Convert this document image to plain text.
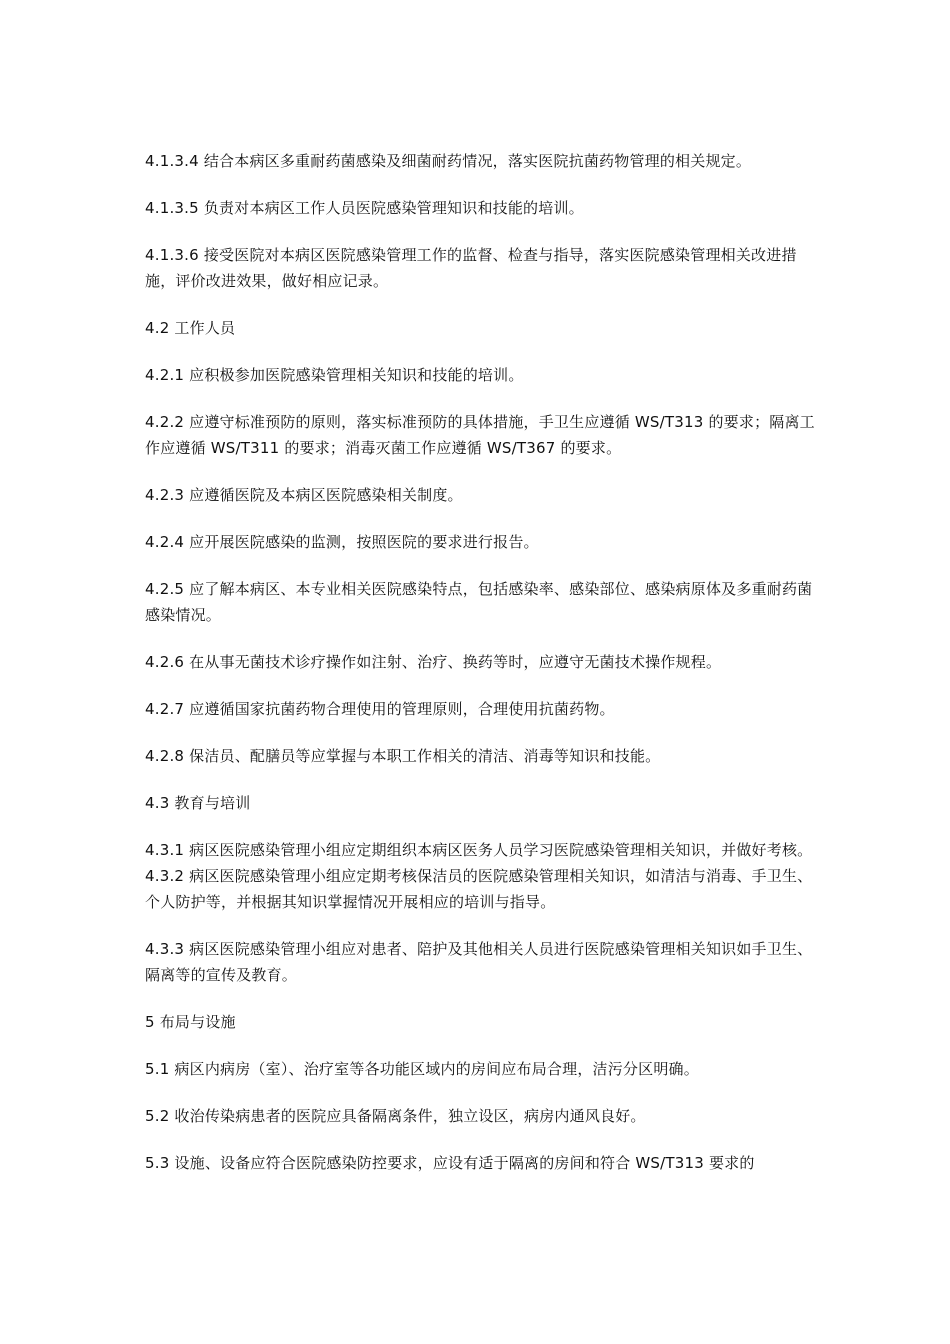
4.1.3.4 结合本病区多重耐药菌感染及细菌耐药情况，落实医院抗菌药物管理的相关规定。

4.1.3.5 负责对本病区工作人员医院感染管理知识和技能的培训。

4.1.3.6 接受医院对本病区医院感染管理工作的监督、检查与指导，落实医院感染管理相关改进措施，评价改进效果，做好相应记录。

4.2 工作人员

4.2.1 应积极参加医院感染管理相关知识和技能的培训。

4.2.2 应遵守标准预防的原则，落实标准预防的具体措施，手卫生应遵循 WS/T313 的要求；隔离工作应遵循 WS/T311 的要求；消毒灭菌工作应遵循 WS/T367 的要求。

4.2.3 应遵循医院及本病区医院感染相关制度。

4.2.4 应开展医院感染的监测，按照医院的要求进行报告。

4.2.5 应了解本病区、本专业相关医院感染特点，包括感染率、感染部位、感染病原体及多重耐药菌感染情况。

4.2.6 在从事无菌技术诊疗操作如注射、治疗、换药等时，应遵守无菌技术操作规程。

4.2.7 应遵循国家抗菌药物合理使用的管理原则，合理使用抗菌药物。

4.2.8 保洁员、配膳员等应掌握与本职工作相关的清洁、消毒等知识和技能。

4.3 教育与培训

4.3.1 病区医院感染管理小组应定期组织本病区医务人员学习医院感染管理相关知识，并做好考核。4.3.2 病区医院感染管理小组应定期考核保洁员的医院感染管理相关知识，如清洁与消毒、手卫生、个人防护等，并根据其知识掌握情况开展相应的培训与指导。

4.3.3 病区医院感染管理小组应对患者、陪护及其他相关人员进行医院感染管理相关知识如手卫生、隔离等的宣传及教育。

5 布局与设施

5.1 病区内病房（室）、治疗室等各功能区域内的房间应布局合理，洁污分区明确。

5.2 收治传染病患者的医院应具备隔离条件，独立设区，病房内通风良好。

5.3 设施、设备应符合医院感染防控要求，应设有适于隔离的房间和符合 WS/T313 要求的
